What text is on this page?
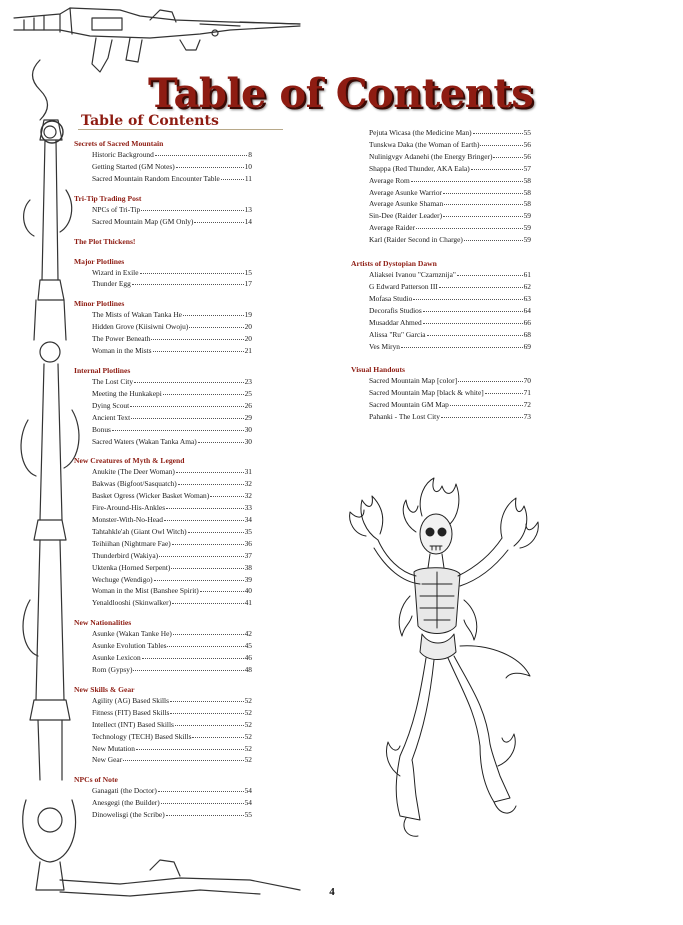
Table of Contents
Table of Contents
Secrets of Sacred Mountain
Historic Background	8
Getting Started (GM Notes)	10
Sacred Mountain Random Encounter Table	11
Tri-Tip Trading Post
NPCs of Tri-Tip	13
Sacred Mountain Map (GM Only)	14
The Plot Thickens!
Major Plotlines
Wizard in Exile	15
Thunder Egg	17
Minor Plotlines
The Mists of Wakan Tanka He	19
Hidden Grove (Kiisiwni Owoju)	20
The Power Beneath	20
Woman in the Mists	21
Internal Plotlines
The Lost City	23
Meeting the Hunkakepi	25
Dying Scout	26
Ancient Text	29
Bonus	30
Sacred Waters (Wakan Tanka Ama)	30
New Creatures of Myth & Legend
Anukite (The Deer Woman)	31
Bakwas (Bigfoot/Sasquatch)	32
Basket Ogress (Wicker Basket Woman)	32
Fire-Around-His-Ankles	33
Monster-With-No-Head	34
Tahtahkle'ah (Giant Owl Witch)	35
Teihiihan (Nightmare Fae)	36
Thunderbird (Wakiya)	37
Uktenka (Horned Serpent)	38
Wechuge (Wendigo)	39
Woman in the Mist (Banshee Spirit)	40
Yenaldlooshi (Skinwalker)	41
New Nationalities
Asunke (Wakan Tanke He)	42
Asunke Evolution Tables	45
Asunke Lexicon	46
Rom (Gypsy)	48
New Skills & Gear
Agility (AG) Based Skills	52
Fitness (FIT) Based Skills	52
Intellect (INT) Based Skills	52
Technology (TECH) Based Skills	52
New Mutation	52
New Gear	52
NPCs of Note
Ganagati (the Doctor)	54
Anesgegi (the Builder)	54
Dinowelisgi (the Scribe)	55
Pejuta Wicasa (the Medicine Man)	55
Tunskwa Daka (the Woman of Earth)	56
Nulinigvgv Adanehi (the Energy Bringer)	56
Shappa (Red Thunder, AKA Eala)	57
Average Rom	58
Average Asunke Warrior	58
Average Asunke Shaman	58
Sin-Dee (Raider Leader)	59
Average Raider	59
Karl (Raider Second in Charge)	59
Artists of Dystopian Dawn
Aliaksei Ivanou "Czarnznija"	61
G Edward Patterson III	62
Mofasa Studio	63
Decorafis Studios	64
Musaddar Ahmed	66
Alissa "Ru" Garcia	68
Ves Miryn	69
Visual Handouts
Sacred Mountain Map [color]	70
Sacred Mountain Map [black & white]	71
Sacred Mountain GM Map	72
Pahanki - The Lost City	73
4
